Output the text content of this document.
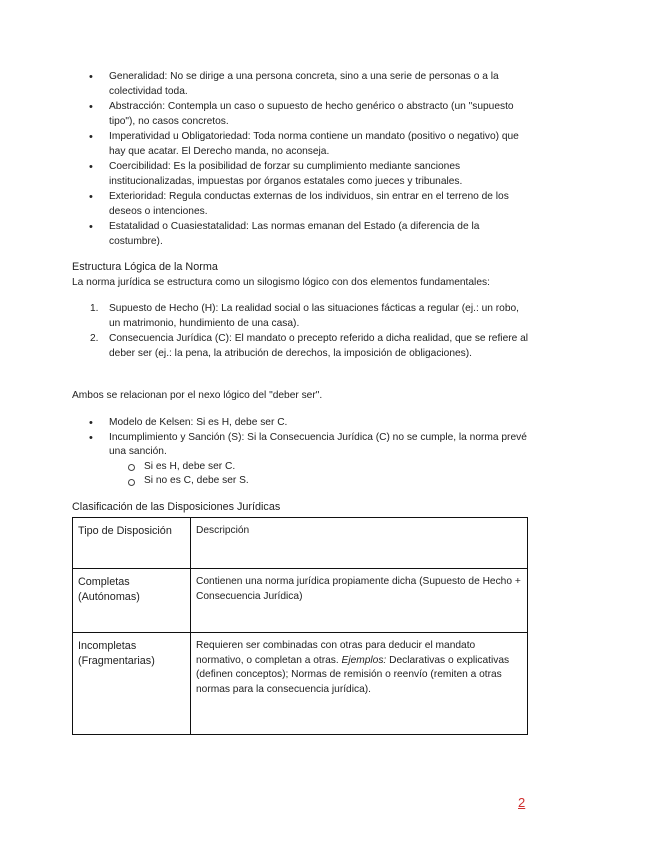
• Generalidad: No se dirige a una persona concreta, sino a una serie de personas o a la colectividad toda.
• Abstracción: Contempla un caso o supuesto de hecho genérico o abstracto (un "supuesto tipo"), no casos concretos.
• Imperatividad u Obligatoriedad: Toda norma contiene un mandato (positivo o negativo) que hay que acatar. El Derecho manda, no aconseja.
• Coercibilidad: Es la posibilidad de forzar su cumplimiento mediante sanciones institucionalizadas, impuestas por órganos estatales como jueces y tribunales.
• Exterioridad: Regula conductas externas de los individuos, sin entrar en el terreno de los deseos o intenciones.
• Estatalidad o Cuasiestatalidad: Las normas emanan del Estado (a diferencia de la costumbre).
Estructura Lógica de la Norma
La norma jurídica se estructura como un silogismo lógico con dos elementos fundamentales:
1. Supuesto de Hecho (H): La realidad social o las situaciones fácticas a regular (ej.: un robo, un matrimonio, hundimiento de una casa).
2. Consecuencia Jurídica (C): El mandato o precepto referido a dicha realidad, que se refiere al deber ser (ej.: la pena, la atribución de derechos, la imposición de obligaciones).
Ambos se relacionan por el nexo lógico del "deber ser".
• Modelo de Kelsen: Si es H, debe ser C.
• Incumplimiento y Sanción (S): Si la Consecuencia Jurídica (C) no se cumple, la norma prevé una sanción.
Si es H, debe ser C.
Si no es C, debe ser S.
Clasificación de las Disposiciones Jurídicas
Tipo de Disposición	Descripción
Completas (Autónomas)	Contienen una norma jurídica propiamente dicha (Supuesto de Hecho + Consecuencia Jurídica)
Incompletas (Fragmentarias)	Requieren ser combinadas con otras para deducir el mandato normativo, o completan a otras. Ejemplos: Declarativas o explicativas (definen conceptos); Normas de remisión o reenvío (remiten a otras normas para la consecuencia jurídica).
2
